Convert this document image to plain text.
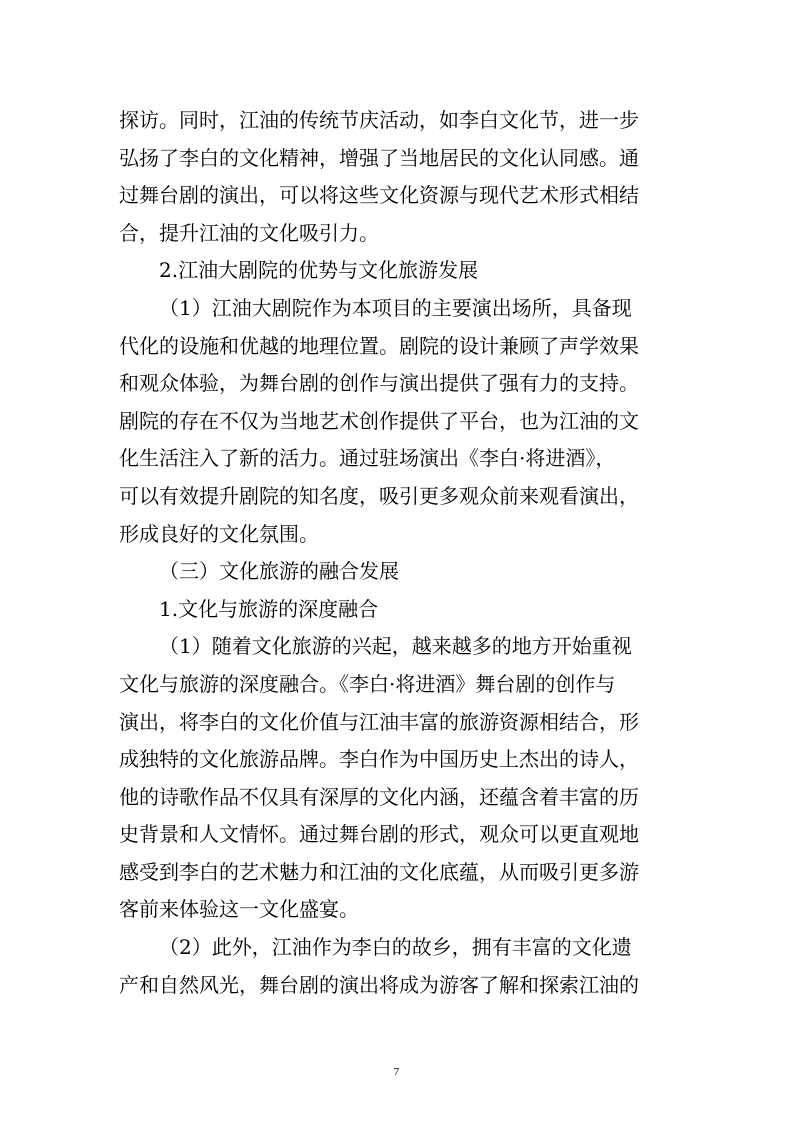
探访。同时，江油的传统节庆活动，如李白文化节，进一步
弘扬了李白的文化精神，增强了当地居民的文化认同感。通
过舞台剧的演出，可以将这些文化资源与现代艺术形式相结
合，提升江油的文化吸引力。
2.江油大剧院的优势与文化旅游发展
（1）江油大剧院作为本项目的主要演出场所，具备现
代化的设施和优越的地理位置。剧院的设计兼顾了声学效果
和观众体验，为舞台剧的创作与演出提供了强有力的支持。
剧院的存在不仅为当地艺术创作提供了平台，也为江油的文
化生活注入了新的活力。通过驻场演出《李白·将进酒》，
可以有效提升剧院的知名度，吸引更多观众前来观看演出，
形成良好的文化氛围。
（三）文化旅游的融合发展
1.文化与旅游的深度融合
（1）随着文化旅游的兴起，越来越多的地方开始重视
文化与旅游的深度融合。《李白·将进酒》舞台剧的创作与
演出，将李白的文化价值与江油丰富的旅游资源相结合，形
成独特的文化旅游品牌。李白作为中国历史上杰出的诗人，
他的诗歌作品不仅具有深厚的文化内涵，还蕴含着丰富的历
史背景和人文情怀。通过舞台剧的形式，观众可以更直观地
感受到李白的艺术魅力和江油的文化底蕴，从而吸引更多游
客前来体验这一文化盛宴。
（2）此外，江油作为李白的故乡，拥有丰富的文化遗
产和自然风光，舞台剧的演出将成为游客了解和探索江油的
7
